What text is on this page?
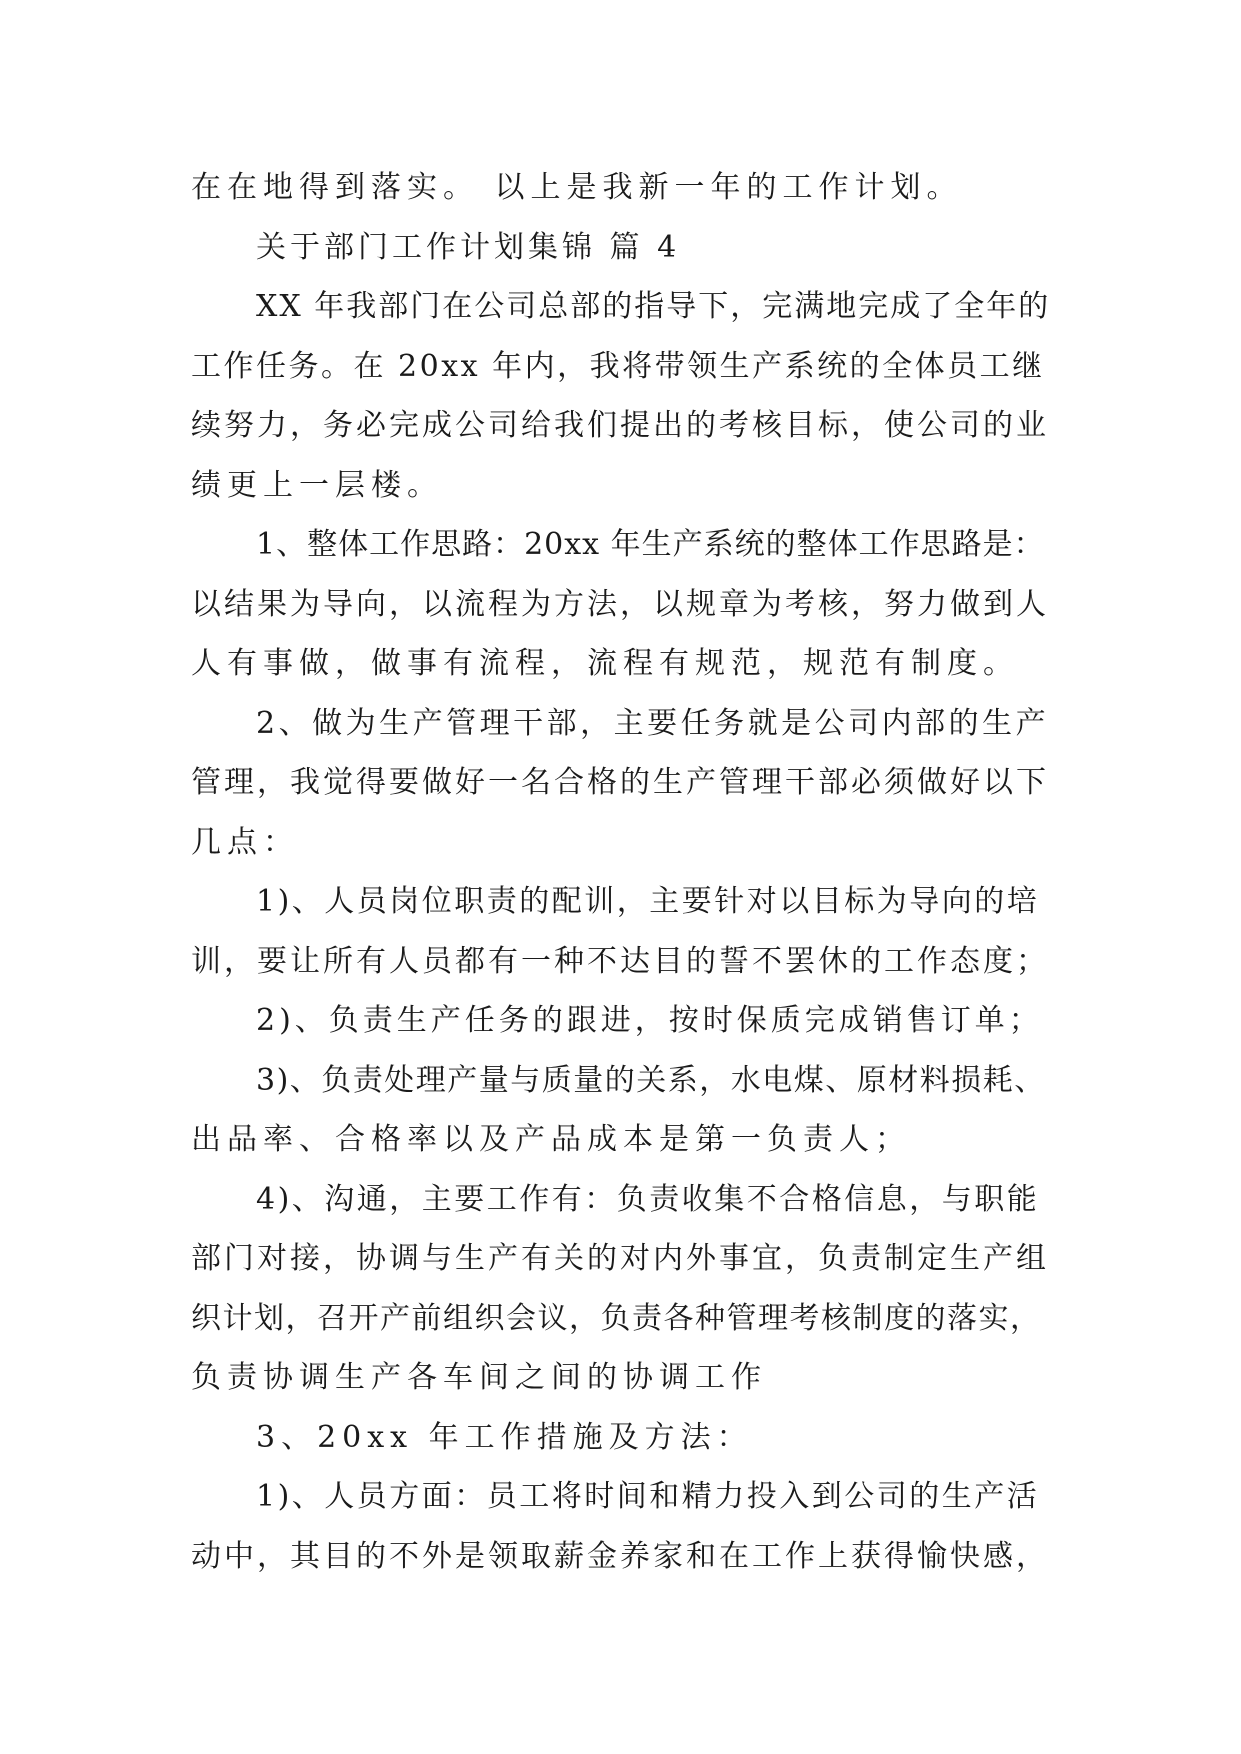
在在地得到落实。 以上是我新一年的工作计划。
关于部门工作计划集锦 篇 4
XX 年我部门在公司总部的指导下，完满地完成了全年的
工作任务。在 20xx 年内，我将带领生产系统的全体员工继
续努力，务必完成公司给我们提出的考核目标，使公司的业
绩更上一层楼。
1、整体工作思路：20xx 年生产系统的整体工作思路是：
以结果为导向，以流程为方法，以规章为考核，努力做到人
人有事做，做事有流程，流程有规范，规范有制度。
2、做为生产管理干部，主要任务就是公司内部的生产
管理，我觉得要做好一名合格的生产管理干部必须做好以下
几点：
1)、人员岗位职责的配训，主要针对以目标为导向的培
训，要让所有人员都有一种不达目的誓不罢休的工作态度；
2)、负责生产任务的跟进，按时保质完成销售订单；
3)、负责处理产量与质量的关系，水电煤、原材料损耗、
出品率、合格率以及产品成本是第一负责人；
4)、沟通，主要工作有：负责收集不合格信息，与职能
部门对接，协调与生产有关的对内外事宜，负责制定生产组
织计划，召开产前组织会议，负责各种管理考核制度的落实，
负责协调生产各车间之间的协调工作
3、20xx 年工作措施及方法：
1)、人员方面：员工将时间和精力投入到公司的生产活
动中，其目的不外是领取薪金养家和在工作上获得愉快感，
